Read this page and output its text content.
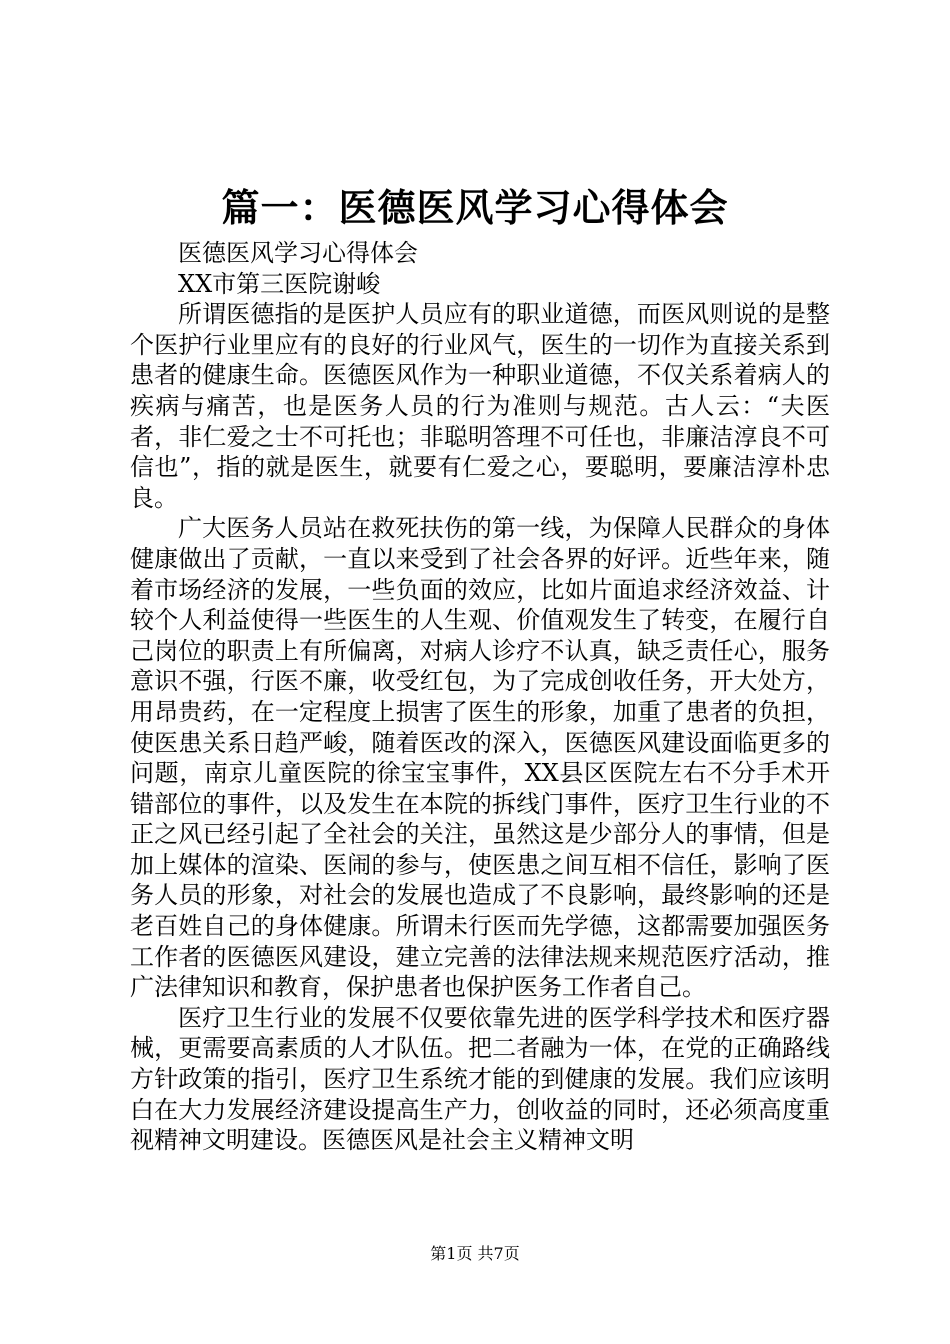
篇一：医德医风学习心得体会

医德医风学习心得体会

XX市第三医院谢峻

所谓医德指的是医护人员应有的职业道德，而医风则说的是整个医护行业里应有的良好的行业风气，医生的一切作为直接关系到患者的健康生命。医德医风作为一种职业道德，不仅关系着病人的疾病与痛苦，也是医务人员的行为准则与规范。古人云：“夫医者，非仁爱之士不可托也；非聪明答理不可任也，非廉洁淳良不可信也”，指的就是医生，就要有仁爱之心，要聪明，要廉洁淳朴忠良。

广大医务人员站在救死扶伤的第一线，为保障人民群众的身体健康做出了贡献，一直以来受到了社会各界的好评。近些年来，随着市场经济的发展，一些负面的效应，比如片面追求经济效益、计较个人利益使得一些医生的人生观、价值观发生了转变，在履行自己岗位的职责上有所偏离，对病人诊疗不认真，缺乏责任心，服务意识不强，行医不廉，收受红包，为了完成创收任务，开大处方，用昂贵药，在一定程度上损害了医生的形象，加重了患者的负担，使医患关系日趋严峻，随着医改的深入，医德医风建设面临更多的问题，南京儿童医院的徐宝宝事件，XX县区医院左右不分手术开错部位的事件，以及发生在本院的拆线门事件，医疗卫生行业的不正之风已经引起了全社会的关注，虽然这是少部分人的事情，但是加上媒体的渲染、医闹的参与，使医患之间互相不信任，影响了医务人员的形象，对社会的发展也造成了不良影响，最终影响的还是老百姓自己的身体健康。所谓未行医而先学德，这都需要加强医务工作者的医德医风建设，建立完善的法律法规来规范医疗活动，推广法律知识和教育，保护患者也保护医务工作者自己。

医疗卫生行业的发展不仅要依靠先进的医学科学技术和医疗器械，更需要高素质的人才队伍。把二者融为一体，在党的正确路线方针政策的指引，医疗卫生系统才能的到健康的发展。我们应该明白在大力发展经济建设提高生产力，创收益的同时，还必须高度重视精神文明建设。医德医风是社会主义精神文明

第1页 共7页
